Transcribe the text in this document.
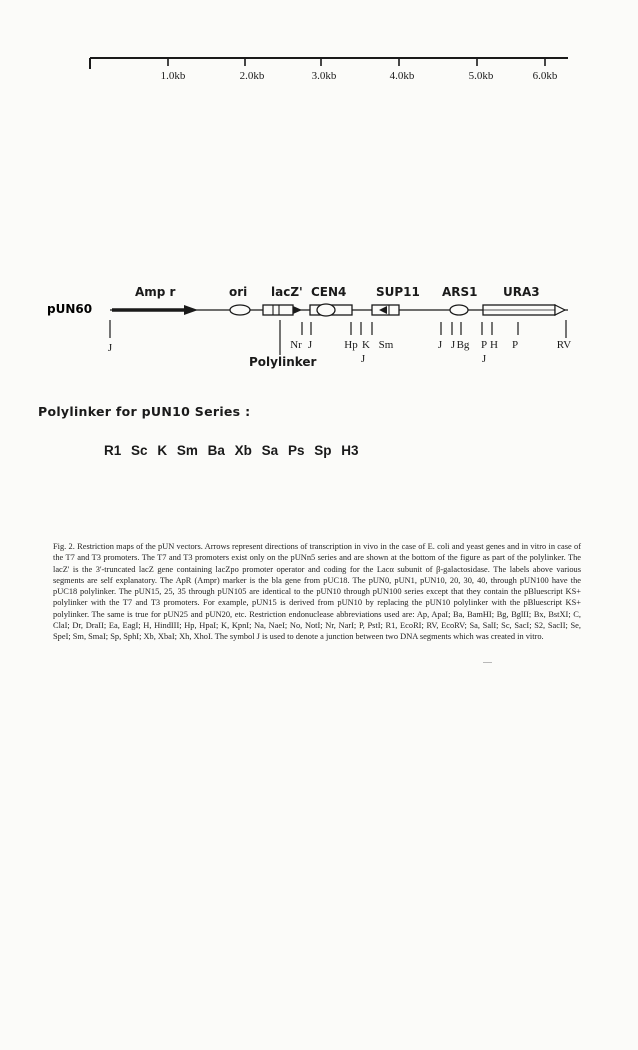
1.0kb	2.0kb	3.0kb	4.0kb	5.0kb	6.0kb
pUN60
Amp r	ori lacZ' CEN4 SUP11 ARS1 URA3
J	Nr J	Hp K Sm	J J Bg P H P	RV
J	J
Polylinker

Polylinker for pUN10 Series :

R1 Sc K Sm Ba Xb Sa Ps Sp H3

Fig. 2. Restriction maps of the pUN vectors. Arrows represent directions of transcription in vivo in the case of E. coli and yeast genes and in vitro in case of the T7 and T3 promoters. The T7 and T3 promoters exist only on the pUNn5 series and are shown at the bottom of the figure as part of the polylinker. The lacZ' is the 3'-truncated lacZ gene containing lacZpo promoter operator and coding for the Lacα subunit of β-galactosidase. The labels above various segments are self explanatory. The ApR (Ampr) marker is the bla gene from pUC18. The pUN0, pUN1, pUN10, 20, 30, 40, through pUN100 have the pUC18 polylinker. The pUN15, 25, 35 through pUN105 are identical to the pUN10 through pUN100 series except that they contain the pBluescript KS+ polylinker with the T7 and T3 promoters. For example, pUN15 is derived from pUN10 by replacing the pUN10 polylinker with the pBluescript KS+ polylinker. The same is true for pUN25 and pUN20, etc. Restriction endonuclease abbreviations used are: Ap, ApaI; Ba, BamHI; Bg, BglII; Bx, BstXI; C, ClaI; Dr, DraII; Ea, EagI; H, HindIII; Hp, HpaI; K, KpnI; Na, NaeI; No, NotI; Nr, NarI; P, PstI; R1, EcoRI; RV, EcoRV; Sa, SalI; Sc, SacI; S2, SacII; Se, SpeI; Sm, SmaI; Sp, SphI; Xb, XbaI; Xh, XhoI. The symbol J is used to denote a junction between two DNA segments which was created in vitro.
